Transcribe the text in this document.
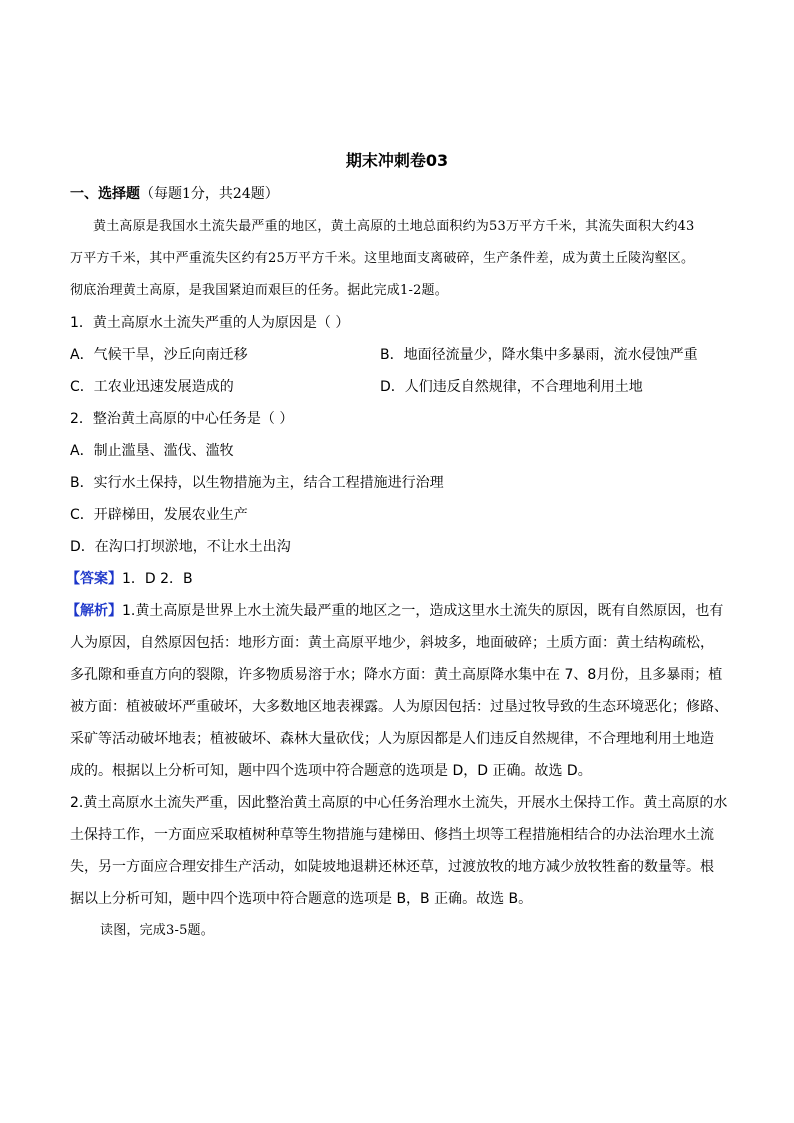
期末冲刺卷03
一、选择题（每题1分，共24题）
黄土高原是我国水土流失最严重的地区，黄土高原的土地总面积约为53万平方千米，其流失面积大约43
万平方千米，其中严重流失区约有25万平方千米。这里地面支离破碎，生产条件差，成为黄土丘陵沟壑区。
彻底治理黄土高原，是我国紧迫而艰巨的任务。据此完成1-2题。
1．黄土高原水土流失严重的人为原因是（ ）
A．气候干旱，沙丘向南迁移	B．地面径流量少，降水集中多暴雨，流水侵蚀严重
C．工农业迅速发展造成的	D．人们违反自然规律，不合理地利用土地
2．整治黄土高原的中心任务是（ ）
A．制止滥垦、滥伐、滥牧
B．实行水土保持，以生物措施为主，结合工程措施进行治理
C．开辟梯田，发展农业生产
D．在沟口打坝淤地，不让水土出沟
【答案】1．D 2．B
【解析】1.黄土高原是世界上水土流失最严重的地区之一，造成这里水土流失的原因，既有自然原因，也有
人为原因，自然原因包括：地形方面：黄土高原平地少，斜坡多，地面破碎；土质方面：黄土结构疏松，
多孔隙和垂直方向的裂隙，许多物质易溶于水；降水方面：黄土高原降水集中在 7、8月份，且多暴雨；植
被方面：植被破坏严重破坏，大多数地区地表裸露。人为原因包括：过垦过牧导致的生态环境恶化；修路、
采矿等活动破坏地表；植被破坏、森林大量砍伐；人为原因都是人们违反自然规律，不合理地利用土地造
成的。根据以上分析可知，题中四个选项中符合题意的选项是 D，D 正确。故选 D。
2.黄土高原水土流失严重，因此整治黄土高原的中心任务治理水土流失，开展水土保持工作。黄土高原的水
土保持工作，一方面应采取植树种草等生物措施与建梯田、修挡土坝等工程措施相结合的办法治理水土流
失，另一方面应合理安排生产活动，如陡坡地退耕还林还草，过渡放牧的地方减少放牧牲畜的数量等。根
据以上分析可知，题中四个选项中符合题意的选项是 B，B 正确。故选 B。
读图，完成3-5题。
